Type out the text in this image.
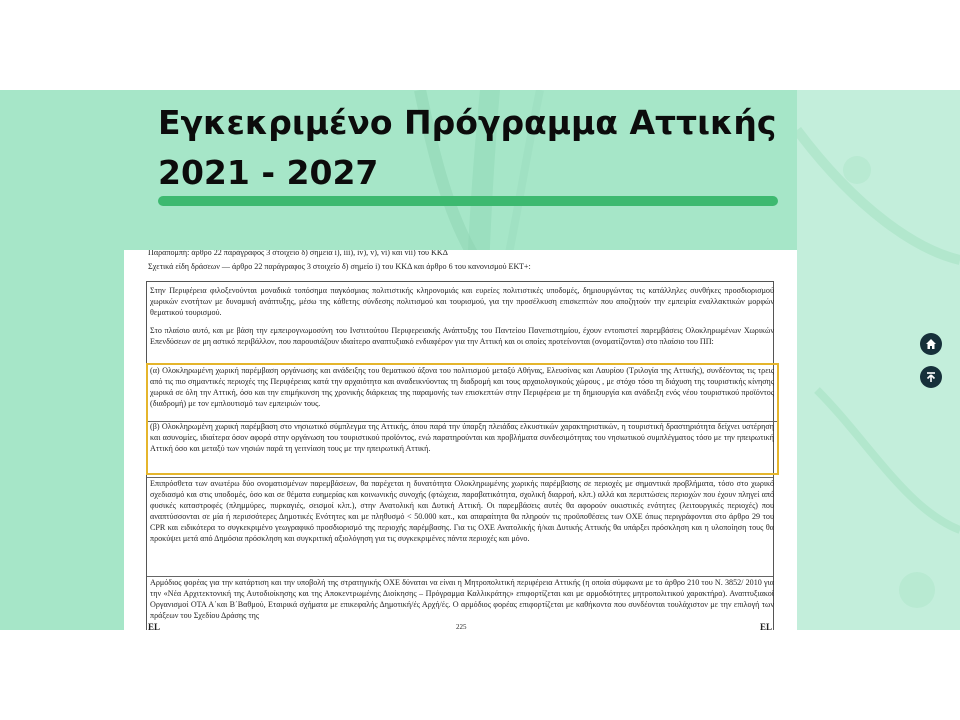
Εγκεκριμένο Πρόγραμμα Αττικής
2021 - 2027

Παραπομπή: άρθρο 22 παράγραφος 3 στοιχείο δ) σημεία i), iii), iv), v), vi) και vii) του ΚΚΔ

Σχετικά είδη δράσεων — άρθρο 22 παράγραφος 3 στοιχείο δ) σημείο i) του ΚΚΔ και άρθρο 6 του κανονισμού ΕΚΤ+:

Στην Περιφέρεια φιλοξενούνται μοναδικά τοπόσημα παγκόσμιας πολιτιστικής κληρονομιάς και ευρείες πολιτιστικές υποδομές, δημιουργώντας τις κατάλληλες συνθήκες προσδιορισμού χωρικών ενοτήτων με δυναμική ανάπτυξης, μέσω της κάθετης σύνδεσης πολιτισμού και τουρισμού, για την προσέλκυση επισκεπτών που αποζητούν την εμπειρία εναλλακτικών μορφών θεματικού τουρισμού.

Στο πλαίσιο αυτό, και με βάση την εμπειρογνωμοσύνη του Ινστιτούτου Περιφερειακής Ανάπτυξης του Παντείου Πανεπιστημίου, έχουν εντοπιστεί παρεμβάσεις Ολοκληρωμένων Χωρικών Επενδύσεων σε μη αστικό περιβάλλον, που παρουσιάζουν ιδιαίτερο αναπτυξιακό ενδιαφέρον για την Αττική και οι οποίες προτείνονται (ονοματίζονται) στο πλαίσιο του ΠΠ:

(α) Ολοκληρωμένη χωρική παρέμβαση οργάνωσης και ανάδειξης του θεματικού άξονα του πολιτισμού μεταξύ Αθήνας, Ελευσίνας και Λαυρίου (Τριλογία της Αττικής), συνδέοντας τις τρεις από τις πιο σημαντικές περιοχές της Περιφέρειας κατά την αρχαιότητα και αναδεικνύοντας τη διαδρομή και τους αρχαιολογικούς χώρους , με στόχο τόσο τη διάχυση της τουριστικής κίνησης χωρικά σε όλη την Αττική, όσο και την επιμήκυνση της χρονικής διάρκειας της παραμονής των επισκεπτών στην Περιφέρεια με τη δημιουργία και ανάδειξη ενός νέου τουριστικού προϊόντος (διαδρομή) με τον εμπλουτισμό των εμπειριών τους.

(β) Ολοκληρωμένη χωρική παρέμβαση στο νησιωτικό σύμπλεγμα της Αττικής, όπου παρά την ύπαρξη πλειάδας ελκυστικών χαρακτηριστικών, η τουριστική δραστηριότητα δείχνει υστέρηση και ασυνομίες, ιδιαίτερα όσον αφορά στην οργάνωση του τουριστικού προϊόντος, ενώ παρατηρούνται και προβλήματα συνδεσιμότητας του νησιωτικού συμπλέγματος τόσο με την ηπειρωτική Αττική όσο και μεταξύ των νησιών παρά τη γειτνίαση τους με την ηπειρωτική Αττική.

Επιπρόσθετα των ανωτέρω δύο ονοματισμένων παρεμβάσεων, θα παρέχεται η δυνατότητα Ολοκληρωμένης χωρικής παρέμβασης σε περιοχές με σημαντικά προβλήματα, τόσο στο χωρικό σχεδιασμό και στις υποδομές, όσο και σε θέματα ευημερίας και κοινωνικής συνοχής (φτώχεια, παραβατικότητα, σχολική διαρροή, κλπ.) αλλά και περιπτώσεις περιοχών που έχουν πληγεί από φυσικές καταστροφές (πλημμύρες, πυρκαγιές, σεισμοί κλπ.), στην Ανατολική και Δυτική Αττική. Οι παρεμβάσεις αυτές θα αφορούν οικιστικές ενότητες (λειτουργικές περιοχές) που αναπτύσσονται σε μία ή περισσότερες Δημοτικές Ενότητες και με πληθυσμό < 50.000 κατ., και απαραίτητα θα πληρούν τις προϋποθέσεις των ΟΧΕ όπως περιγράφονται στο άρθρο 29 του CPR και ειδικότερα το συγκεκριμένο γεωγραφικό προσδιορισμό της περιοχής παρέμβασης. Για τις ΟΧΕ Ανατολικής ή/και Δυτικής Αττικής θα υπάρξει πρόσκληση και η υλοποίηση τους θα προκύψει μετά από Δημόσια πρόσκληση και συγκριτική αξιολόγηση για τις συγκεκριμένες πάντα περιοχές και μόνο.

Αρμόδιος φορέας για την κατάρτιση και την υποβολή της στρατηγικής ΟΧΕ δύναται να είναι η Μητροπολιτική περιφέρεια Αττικής (η οποία σύμφωνα με το άρθρο 210 του Ν. 3852/ 2010 για την «Νέα Αρχιτεκτονική της Αυτοδιοίκησης και της Αποκεντρωμένης Διοίκησης – Πρόγραμμα Καλλικράτης» επιφορτίζεται και με αρμοδιότητες μητροπολιτικού χαρακτήρα). Αναπτυξιακοί Οργανισμοί ΟΤΑ Α΄και Β΄Βαθμού, Εταιρικά σχήματα με επικεφαλής Δημοτική/ές Αρχή/ές. Ο αρμόδιος φορέας επιφορτίζεται με καθήκοντα που συνδέονται τουλάχιστον με την επιλογή των πράξεων του Σχεδίου Δράσης της

EL	225	EL
